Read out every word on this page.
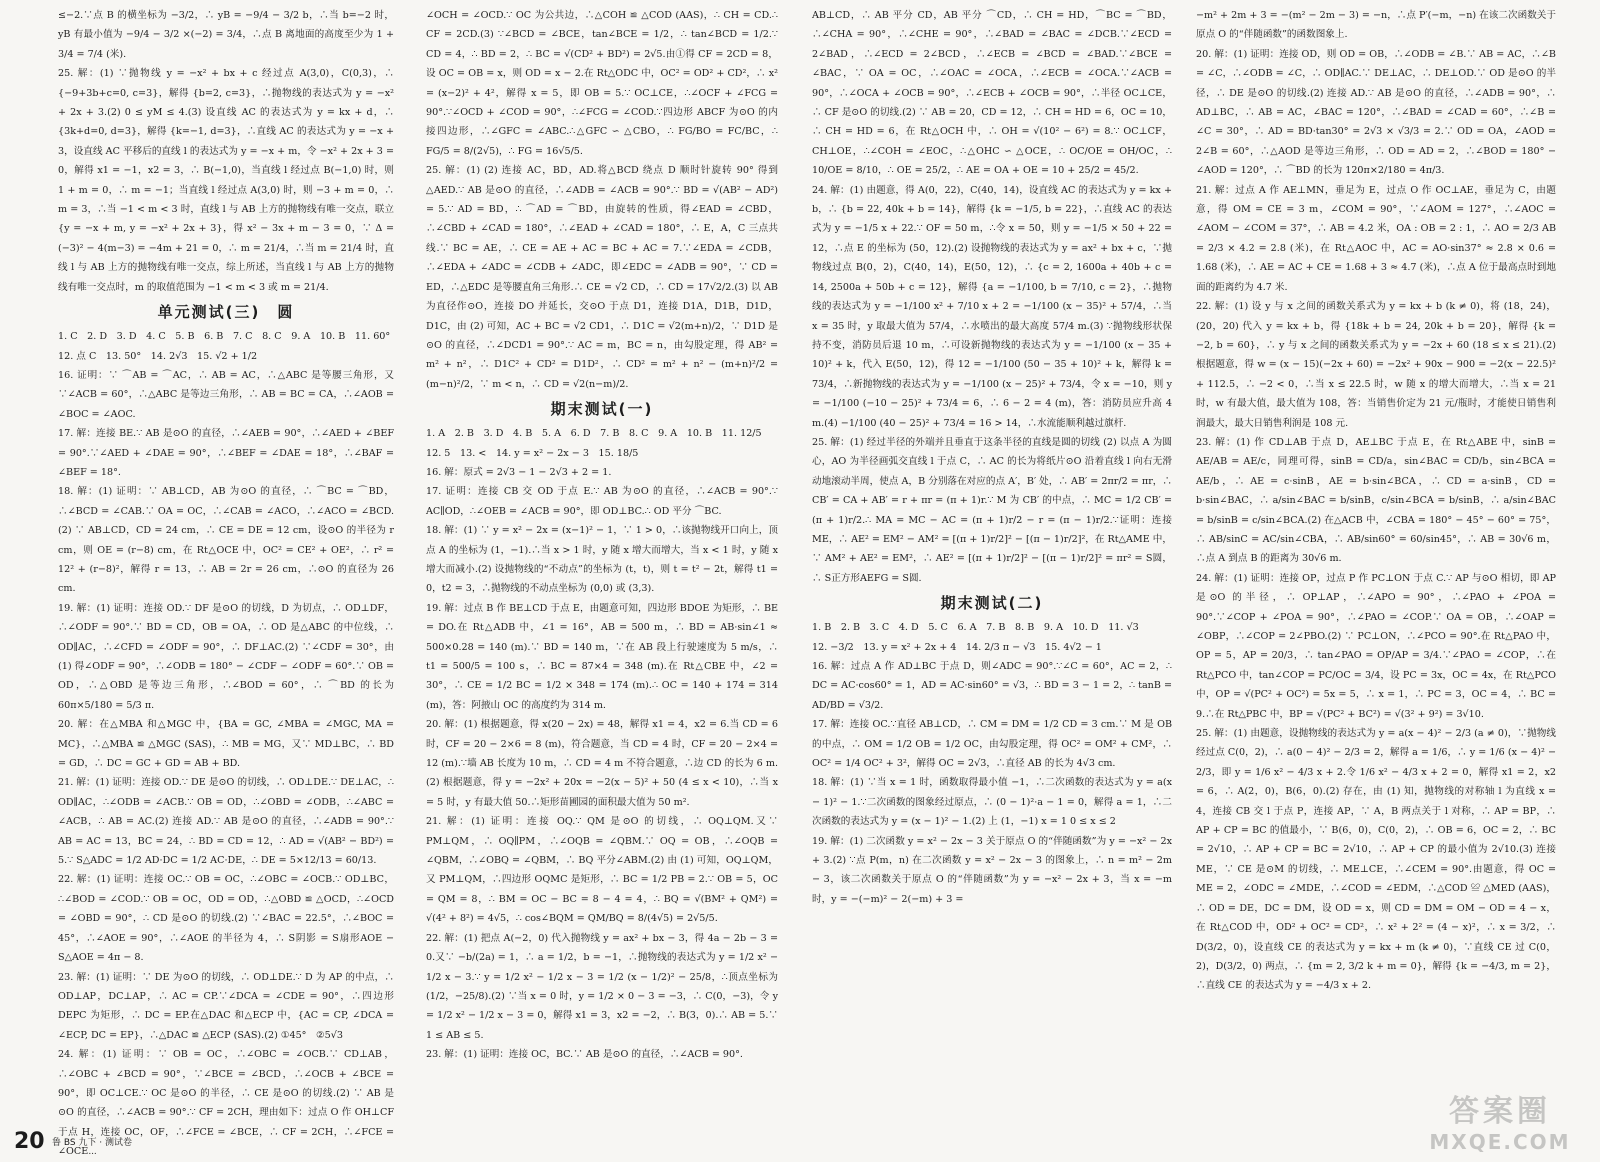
≤−2.∵点 B 的横坐标为 −3/2，∴ yB = −9/4 − 3/2 b，∴当 b=−2 时，yB 有最小值为 −9/4 − 3/2 ×(−2) = 3/4，∴点 B 离地面的高度至少为 1 + 3/4 = 7/4 (米).

25. 解：(1) ∵抛物线 y = −x² + bx + c 经过点 A(3,0)，C(0,3)，∴ {−9+3b+c=0, c=3}，解得 {b=2, c=3}，∴抛物线的表达式为 y = −x² + 2x + 3.(2) 0 ≤ yM ≤ 4.(3) 设直线 AC 的表达式为 y = kx + d，∴ {3k+d=0, d=3}，解得 {k=−1, d=3}，∴直线 AC 的表达式为 y = −x + 3，设直线 AC 平移后的直线 l 的表达式为 y = −x + m，令 −x² + 2x + 3 = 0，解得 x1 = −1，x2 = 3，∴ B(−1,0)，当直线 l 经过点 B(−1,0) 时，则 1 + m = 0，∴ m = −1；当直线 l 经过点 A(3,0) 时，则 −3 + m = 0，∴ m = 3，∴当 −1 < m < 3 时，直线 l 与 AB 上方的抛物线有唯一交点，联立 {y = −x + m, y = −x² + 2x + 3}，得 x² − 3x + m − 3 = 0，∵ Δ = (−3)² − 4(m−3) = −4m + 21 = 0，∴ m = 21/4，∴当 m = 21/4 时，直线 l 与 AB 上方的抛物线有唯一交点，综上所述，当直线 l 与 AB 上方的抛物线有唯一交点时，m 的取值范围为 −1 < m < 3 或 m = 21/4.

单元测试(三)　圆

1. C　2. D　3. D　4. C　5. B　6. B　7. C　8. C　9. A　10. B　11. 60°

12. 点 C　13. 50°　14. 2√3　15. √2 + 1/2

16. 证明：∵ ⌒AB = ⌒AC，∴ AB = AC，∴△ABC 是等腰三角形，又∵∠ACB = 60°，∴△ABC 是等边三角形，∴ AB = BC = CA，∴∠AOB = ∠BOC = ∠AOC.

17. 解：连接 BE.∵ AB 是⊙O 的直径，∴∠AEB = 90°，∴∠AED + ∠BEF = 90°.∵∠AED + ∠DAE = 90°，∴∠BEF = ∠DAE = 18°，∴∠BAF = ∠BEF = 18°.

18. 解：(1) 证明：∵ AB⊥CD，AB 为⊙O 的直径，∴ ⌒BC = ⌒BD，∴∠BCD = ∠CAB.∵ OA = OC，∴∠CAB = ∠ACO，∴∠ACO = ∠BCD.(2) ∵ AB⊥CD，CD = 24 cm，∴ CE = DE = 12 cm，设⊙O 的半径为 r cm，则 OE = (r−8) cm，在 Rt△OCE 中，OC² = CE² + OE²，∴ r² = 12² + (r−8)²，解得 r = 13，∴ AB = 2r = 26 cm，∴⊙O 的直径为 26 cm.

19. 解：(1) 证明：连接 OD.∵ DF 是⊙O 的切线，D 为切点，∴ OD⊥DF，∴∠ODF = 90°.∵ BD = CD，OB = OA，∴ OD 是△ABC 的中位线，∴ OD∥AC，∴∠CFD = ∠ODF = 90°，∴ DF⊥AC.(2) ∵∠CDF = 30°，由 (1) 得∠ODF = 90°，∴∠ODB = 180° − ∠CDF − ∠ODF = 60°.∵ OB = OD，∴△OBD 是等边三角形，∴∠BOD = 60°，∴ ⌒BD 的长为 60π×5/180 = 5/3 π.

20. 解：在△MBA 和△MGC 中，{BA = GC, ∠MBA = ∠MGC, MA = MC}，∴△MBA ≌ △MGC (SAS)，∴ MB = MG，又∵ MD⊥BC，∴ BD = GD，∴ DC = GC + GD = AB + BD.

21. 解：(1) 证明：连接 OD.∵ DE 是⊙O 的切线，∴ OD⊥DE.∵ DE⊥AC，∴ OD∥AC，∴∠ODB = ∠ACB.∵ OB = OD，∴∠OBD = ∠ODB，∴∠ABC = ∠ACB，∴ AB = AC.(2) 连接 AD.∵ AB 是⊙O 的直径，∴∠ADB = 90°.∵ AB = AC = 13，BC = 24，∴ BD = CD = 12，∴ AD = √(AB² − BD²) = 5.∵ S△ADC = 1/2 AD·DC = 1/2 AC·DE，∴ DE = 5×12/13 = 60/13.

22. 解：(1) 证明：连接 OC.∵ OB = OC，∴∠OBC = ∠OCB.∵ OD⊥BC，∴∠BOD = ∠COD.∵ OB = OC，OD = OD，∴△OBD ≌ △OCD，∴∠OCD = ∠OBD = 90°，∴ CD 是⊙O 的切线.(2) ∵∠BAC = 22.5°，∴∠BOC = 45°，∴∠AOE = 90°，∴∠AOE 的半径为 4，∴ S阴影 = S扇形AOE − S△AOE = 4π − 8.

23. 解：(1) 证明：∵ DE 为⊙O 的切线，∴ OD⊥DE.∵ D 为 AP 的中点，∴ OD⊥AP，DC⊥AP，∴ AC = CP.∵∠DCA = ∠CDE = 90°，∴四边形 DEPC 为矩形，∴ DC = EP.在△DAC 和△ECP 中，{AC = CP, ∠DCA = ∠ECP, DC = EP}，∴△DAC ≌ △ECP (SAS).(2) ①45°　②5√3

24. 解：(1) 证明：∵ OB = OC，∴∠OBC = ∠OCB.∵ CD⊥AB，∴∠OBC + ∠BCD = 90°，∵∠BCE = ∠BCD，∴∠OCB + ∠BCE = 90°，即 OC⊥CE.∵ OC 是⊙O 的半径，∴ CE 是⊙O 的切线.(2) ∵ AB 是⊙O 的直径，∴∠ACB = 90°.∵ CF = 2CH，理由如下：过点 O 作 OH⊥CF 于点 H，连接 OC，OF，∴∠FCE = ∠BCE，∴ CF = 2CH，∴∠FCE = ∠OCE⋯

∠OCH = ∠OCD.∵ OC 为公共边，∴△COH ≌ △COD (AAS)，∴ CH = CD.∴ CF = 2CD.(3) ∵∠BCD = ∠BCE，tan∠BCE = 1/2，∴ tan∠BCD = 1/2.∵ CD = 4，∴ BD = 2，∴ BC = √(CD² + BD²) = 2√5.由①得 CF = 2CD = 8，设 OC = OB = x，则 OD = x − 2.在 Rt△ODC 中，OC² = OD² + CD²，∴ x² = (x−2)² + 4²，解得 x = 5，即 OB = 5.∵ OC⊥CE，∴∠OCF + ∠FCG = 90°.∵∠OCD + ∠COD = 90°，∴∠FCG = ∠COD.∵四边形 ABCF 为⊙O 的内接四边形，∴∠GFC = ∠ABC.∴△GFC ∽ △CBO，∴ FG/BO = FC/BC，∴ FG/5 = 8/(2√5)，∴ FG = 16√5/5.

25. 解：(1) (2) 连接 AC，BD，AD.将△BCD 绕点 D 顺时针旋转 90° 得到△AED.∵ AB 是⊙O 的直径，∴∠ADB = ∠ACB = 90°.∵ BD = √(AB² − AD²) = 5.∵ AD = BD，∴ ⌒AD = ⌒BD，由旋转的性质，得∠EAD = ∠CBD，∴∠CBD + ∠CAD = 180°，∴∠EAD + ∠CAD = 180°，∴ E，A，C 三点共线.∵ BC = AE，∴ CE = AE + AC = BC + AC = 7.∵∠EDA = ∠CDB，∴∠EDA + ∠ADC = ∠CDB + ∠ADC，即∠EDC = ∠ADB = 90°，∵ CD = ED，∴△EDC 是等腰直角三角形.∴ CE = √2 CD，∴ CD = 17√2/2.(3) 以 AB 为直径作⊙O，连接 DO 并延长，交⊙O 于点 D1，连接 D1A，D1B，D1D，D1C，由 (2) 可知，AC + BC = √2 CD1，∴ D1C = √2(m+n)/2，∵ D1D 是⊙O 的直径，∴∠DCD1 = 90°.∵ AC = m，BC = n，由勾股定理，得 AB² = m² + n²，∴ D1C² + CD² = D1D²，∴ CD² = m² + n² − (m+n)²/2 = (m−n)²/2，∵ m < n，∴ CD = √2(n−m)/2.

期末测试(一)

1. A　2. B　3. D　4. B　5. A　6. D　7. B　8. C　9. A　10. B　11. 12/5

12. 5　13. <　14. y = x² − 2x − 3　15. 18/5

16. 解：原式 = 2√3 − 1 − 2√3 + 2 = 1.

17. 证明：连接 CB 交 OD 于点 E.∵ AB 为⊙O 的直径，∴∠ACB = 90°.∵ AC∥OD，∴∠OEB = ∠ACB = 90°，即 OD⊥BC.∴ OD 平分 ⌒BC.

18. 解：(1) ∵ y = x² − 2x = (x−1)² − 1，∵ 1 > 0，∴该抛物线开口向上，顶点 A 的坐标为 (1，−1).∴当 x > 1 时，y 随 x 增大而增大，当 x < 1 时，y 随 x 增大而减小.(2) 设抛物线的“不动点”的坐标为 (t，t)，则 t = t² − 2t，解得 t1 = 0，t2 = 3，∴抛物线的不动点坐标为 (0,0) 或 (3,3).

19. 解：过点 B 作 BE⊥CD 于点 E，由题意可知，四边形 BDOE 为矩形，∴ BE = DO.在 Rt△ADB 中，∠1 = 16°，AB = 500 m，∴ BD = AB·sin∠1 ≈ 500×0.28 = 140 (m).∵ BD = 140 m，∵在 AB 段上行驶速度为 5 m/s，∴ t1 = 500/5 = 100 s，∴ BC = 87×4 = 348 (m).在 Rt△CBE 中，∠2 = 30°，∴ CE = 1/2 BC = 1/2 × 348 = 174 (m).∴ OC = 140 + 174 = 314 (m)，答：阿掖山 OC 的高度约为 314 m.

20. 解：(1) 根据题意，得 x(20 − 2x) = 48，解得 x1 = 4，x2 = 6.当 CD = 6 时，CF = 20 − 2×6 = 8 (m)，符合题意，当 CD = 4 时，CF = 20 − 2×4 = 12 (m).∵墙 AB 长度为 10 m，∴ CD = 4 m 不符合题意，∴边 CD 的长为 6 m.(2) 根据题意，得 y = −2x² + 20x = −2(x − 5)² + 50 (4 ≤ x < 10)，∴当 x = 5 时，y 有最大值 50.∴矩形苗圃园的面积最大值为 50 m².

21. 解：(1) 证明：连接 OQ.∵ QM 是⊙O 的切线，∴ OQ⊥QM.又∵ PM⊥QM，∴ OQ∥PM，∴∠OQB = ∠QBM.∵ OQ = OB，∴∠OQB = ∠QBM，∴∠OBQ = ∠QBM，∴ BQ 平分∠ABM.(2) 由 (1) 可知，OQ⊥QM，又 PM⊥QM，∴四边形 OQMC 是矩形，∴ BC = 1/2 PB = 2.∵ OB = 5，OC = QM = 8，∴ BM = OC − BC = 8 − 4 = 4，∴ BQ = √(BM² + QM²) = √(4² + 8²) = 4√5，∴ cos∠BQM = QM/BQ = 8/(4√5) = 2√5/5.

22. 解：(1) 把点 A(−2，0) 代入抛物线 y = ax² + bx − 3，得 4a − 2b − 3 = 0.又∵ −b/(2a) = 1，∴ a = 1/2，b = −1，∴抛物线的表达式为 y = 1/2 x² − 1/2 x − 3.∵ y = 1/2 x² − 1/2 x − 3 = 1/2 (x − 1/2)² − 25/8，∴顶点坐标为 (1/2，−25/8).(2) ∵当 x = 0 时，y = 1/2 × 0 − 3 = −3，∴ C(0，−3)，令 y = 1/2 x² − 1/2 x − 3 = 0，解得 x1 = 3，x2 = −2，∴ B(3，0).∴ AB = 5.∵ 1 ≤ AB ≤ 5.

23. 解：(1) 证明：连接 OC，BC.∵ AB 是⊙O 的直径，∴∠ACB = 90°.

AB⊥CD，∴ AB 平分 CD，AB 平分 ⌒CD，∴ CH = HD，⌒BC = ⌒BD，∴∠CHA = 90°，∴∠CHE = 90°，∴∠BAD = ∠BAC = ∠DCB.∵∠ECD = 2∠BAD，∴∠ECD = 2∠BCD，∴∠ECB = ∠BCD = ∠BAD.∵∠BCE = ∠BAC，∵ OA = OC，∴∠OAC = ∠OCA，∴∠ECB = ∠OCA.∵∠ACB = 90°，∴∠OCA + ∠OCB = 90°，∴∠ECB + ∠OCB = 90°，∴半径 OC⊥CE，∴ CF 是⊙O 的切线.(2) ∵ AB = 20，CD = 12，∴ CH = HD = 6，OC = 10，∴ CH = HD = 6，在 Rt△OCH 中，∴ OH = √(10² − 6²) = 8.∵ OC⊥CF，CH⊥OE，∴∠COH = ∠EOC，∴△OHC ∽ △OCE，∴ OC/OE = OH/OC，∴ 10/OE = 8/10，∴ OE = 25/2，∴ AE = OA + OE = 10 + 25/2 = 45/2.

24. 解：(1) 由题意，得 A(0，22)，C(40，14)，设直线 AC 的表达式为 y = kx + b，∴ {b = 22, 40k + b = 14}，解得 {k = −1/5, b = 22}，∴直线 AC 的表达式为 y = −1/5 x + 22.∵ OF = 50 m，∴令 x = 50，则 y = −1/5 × 50 + 22 = 12，∴点 E 的坐标为 (50，12).(2) 设抛物线的表达式为 y = ax² + bx + c，∵抛物线过点 B(0，2)，C(40，14)，E(50，12)，∴ {c = 2, 1600a + 40b + c = 14, 2500a + 50b + c = 12}，解得 {a = −1/100, b = 7/10, c = 2}，∴抛物线的表达式为 y = −1/100 x² + 7/10 x + 2 = −1/100 (x − 35)² + 57/4，∴当 x = 35 时，y 取最大值为 57/4，∴水喷出的最大高度 57/4 m.(3) ∵抛物线形状保持不变，消防员后退 10 m，∴可设新抛物线的表达式为 y = −1/100 (x − 35 + 10)² + k，代入 E(50，12)，得 12 = −1/100 (50 − 35 + 10)² + k，解得 k = 73/4，∴新抛物线的表达式为 y = −1/100 (x − 25)² + 73/4，令 x = −10，则 y = −1/100 (−10 − 25)² + 73/4 = 6，∴ 6 − 2 = 4 (m)，答：消防员应升高 4 m.(4) −1/100 (40 − 25)² + 73/4 = 16 > 14，∴水流能顺利越过旗杆.

25. 解：(1) 经过半径的外端并且垂直于这条半径的直线是圆的切线 (2) 以点 A 为圆心，AO 为半径画弧交直线 l 于点 C，∴ AC 的长为将纸片⊙O 沿着直线 l 向右无滑动地滚动半周，使点 A，B 分别落在对应的点 A′，B′ 处，∴ AB′ = 2πr/2 = πr，∴ CB′ = CA + AB′ = r + πr = (π + 1)r.∵ M 为 CB′ 的中点，∴ MC = 1/2 CB′ = (π + 1)r/2.∴ MA = MC − AC = (π + 1)r/2 − r = (π − 1)r/2.∵证明：连接 ME，∴ AE² = EM² − AM² = [(π + 1)r/2]² − [(π − 1)r/2]²，在 Rt△AME 中，∵ AM² + AE² = EM²，∴ AE² = [(π + 1)r/2]² − [(π − 1)r/2]² = πr² = S圆，∴ S正方形AEFG = S圆.

期末测试(二)

1. B　2. B　3. C　4. D　5. C　6. A　7. B　8. B　9. A　10. D　11. √3

12. −3/2　13. y = x² + 2x + 4　14. 2/3 π − √3　15. 4√2 − 1

16. 解：过点 A 作 AD⊥BC 于点 D，则∠ADC = 90°.∵∠C = 60°，AC = 2，∴ DC = AC·cos60° = 1，AD = AC·sin60° = √3，∴ BD = 3 − 1 = 2，∴ tanB = AD/BD = √3/2.

17. 解：连接 OC.∵直径 AB⊥CD，∴ CM = DM = 1/2 CD = 3 cm.∵ M 是 OB 的中点，∴ OM = 1/2 OB = 1/2 OC，由勾股定理，得 OC² = OM² + CM²，∴ OC² = 1/4 OC² + 3²，解得 OC = 2√3，∴直径 AB 的长为 4√3 cm.

18. 解：(1) ∵当 x = 1 时，函数取得最小值 −1，∴二次函数的表达式为 y = a(x − 1)² − 1.∵二次函数的图象经过原点，∴ (0 − 1)²·a − 1 = 0，解得 a = 1，∴二次函数的表达式为 y = (x − 1)² − 1.(2) 上 (1，−1) x = 1 0 ≤ x ≤ 2

19. 解：(1) 二次函数 y = x² − 2x − 3 关于原点 O 的“伴随函数”为 y = −x² − 2x + 3.(2) ∵点 P(m，n) 在二次函数 y = x² − 2x − 3 的图象上，∴ n = m² − 2m − 3，该二次函数关于原点 O 的“伴随函数”为 y = −x² − 2x + 3，当 x = −m 时，y = −(−m)² − 2(−m) + 3 =

−m² + 2m + 3 = −(m² − 2m − 3) = −n，∴点 P′(−m，−n) 在该二次函数关于原点 O 的“伴随函数”的函数图象上.

20. 解：(1) 证明：连接 OD，则 OD = OB，∴∠ODB = ∠B.∵ AB = AC，∴∠B = ∠C，∴∠ODB = ∠C，∴ OD∥AC.∵ DE⊥AC，∴ DE⊥OD.∵ OD 是⊙O 的半径，∴ DE 是⊙O 的切线.(2) 连接 AD.∵ AB 是⊙O 的直径，∴∠ADB = 90°，∴ AD⊥BC，∴ AB = AC，∠BAC = 120°，∴∠BAD = ∠CAD = 60°，∴∠B = ∠C = 30°，∴ AD = BD·tan30° = 2√3 × √3/3 = 2.∵ OD = OA，∠AOD = 2∠B = 60°，∴△AOD 是等边三角形，∴ OD = AD = 2，∴∠BOD = 180° − ∠AOD = 120°，∴ ⌒BD 的长为 120π×2/180 = 4π/3.

21. 解：过点 A 作 AE⊥MN，垂足为 E，过点 O 作 OC⊥AE，垂足为 C，由题意，得 OM = CE = 3 m，∠COM = 90°，∵∠AOM = 127°，∴∠AOC = ∠AOM − ∠COM = 37°，∴ AB = 4.2 米，OA : OB = 2 : 1，∴ AO = 2/3 AB = 2/3 × 4.2 = 2.8 (米)，在 Rt△AOC 中，AC = AO·sin37° ≈ 2.8 × 0.6 = 1.68 (米)，∴ AE = AC + CE = 1.68 + 3 ≈ 4.7 (米)，∴点 A 位于最高点时到地面的距离约为 4.7 米.

22. 解：(1) 设 y 与 x 之间的函数关系式为 y = kx + b (k ≠ 0)，将 (18，24)，(20，20) 代入 y = kx + b，得 {18k + b = 24, 20k + b = 20}，解得 {k = −2, b = 60}，∴ y 与 x 之间的函数关系式为 y = −2x + 60 (18 ≤ x ≤ 21).(2) 根据题意，得 w = (x − 15)(−2x + 60) = −2x² + 90x − 900 = −2(x − 22.5)² + 112.5，∴ −2 < 0，∴当 x ≤ 22.5 时，w 随 x 的增大而增大，∴当 x = 21 时，w 有最大值，最大值为 108，答：当销售价定为 21 元/瓶时，才能使日销售利润最大，最大日销售利润是 108 元.

23. 解：(1) 作 CD⊥AB 于点 D，AE⊥BC 于点 E，在 Rt△ABE 中，sinB = AE/AB = AE/c，同理可得，sinB = CD/a，sin∠BAC = CD/b，sin∠BCA = AE/b，∴ AE = c·sinB，AE = b·sin∠BCA，∴ CD = a·sinB，CD = b·sin∠BAC，∴ a/sin∠BAC = b/sinB，c/sin∠BCA = b/sinB，∴ a/sin∠BAC = b/sinB = c/sin∠BCA.(2) 在△ACB 中，∠CBA = 180° − 45° − 60° = 75°，∴ AB/sinC = AC/sin∠CBA，∴ AB/sin60° = 60/sin45°，∴ AB = 30√6 m，∴点 A 到点 B 的距离为 30√6 m.

24. 解：(1) 证明：连接 OP，过点 P 作 PC⊥ON 于点 C.∵ AP 与⊙O 相切，即 AP 是⊙O 的半径，∴ OP⊥AP，∴∠APO = 90°，∴∠PAO + ∠POA = 90°.∵∠COP + ∠POA = 90°，∴∠PAO = ∠COP.∵ OA = OB，∴∠OAP = ∠OBP，∴∠COP = 2∠PBO.(2) ∵ PC⊥ON，∴∠PCO = 90°.在 Rt△PAO 中，OP = 5，AP = 20/3，∴ tan∠PAO = OP/AP = 3/4.∵∠PAO = ∠COP，∴在 Rt△PCO 中，tan∠COP = PC/OC = 3/4，设 PC = 3x，OC = 4x，在 Rt△PCO 中，OP = √(PC² + OC²) = 5x = 5，∴ x = 1，∴ PC = 3，OC = 4，∴ BC = 9.∴在 Rt△PBC 中，BP = √(PC² + BC²) = √(3² + 9²) = 3√10.

25. 解：(1) 由题意，设抛物线的表达式为 y = a(x − 4)² − 2/3 (a ≠ 0)，∵抛物线经过点 C(0，2)，∴ a(0 − 4)² − 2/3 = 2，解得 a = 1/6，∴ y = 1/6 (x − 4)² − 2/3，即 y = 1/6 x² − 4/3 x + 2.令 1/6 x² − 4/3 x + 2 = 0，解得 x1 = 2，x2 = 6，∴ A(2，0)，B(6，0).(2) 存在，由 (1) 知，抛物线的对称轴 l 为直线 x = 4，连接 CB 交 l 于点 P，连接 AP，∵ A，B 两点关于 l 对称，∴ AP = BP，∴ AP + CP = BC 的值最小，∵ B(6，0)，C(0，2)，∴ OB = 6，OC = 2，∴ BC = 2√10，∴ AP + CP = BC = 2√10，∴ AP + CP 的最小值为 2√10.(3) 连接 ME，∵ CE 是⊙M 的切线，∴ ME⊥CE，∴∠CEM = 90°.由题意，得 OC = ME = 2，∠ODC = ∠MDE，∴∠COD = ∠EDM，∴△COD ≌ △MED (AAS)，∴ OD = DE，DC = DM，设 OD = x，则 CD = DM = OM − OD = 4 − x，在 Rt△COD 中，OD² + OC² = CD²，∴ x² + 2² = (4 − x)²，∴ x = 3/2，∴ D(3/2，0)，设直线 CE 的表达式为 y = kx + m (k ≠ 0)，∵直线 CE 过 C(0，2)，D(3/2，0) 两点，∴ {m = 2, 3/2 k + m = 0}，解得 {k = −4/3, m = 2}，∴直线 CE 的表达式为 y = −4/3 x + 2.

20 鲁 BS 九下 · 测试卷
答案圈
MXQE.COM
